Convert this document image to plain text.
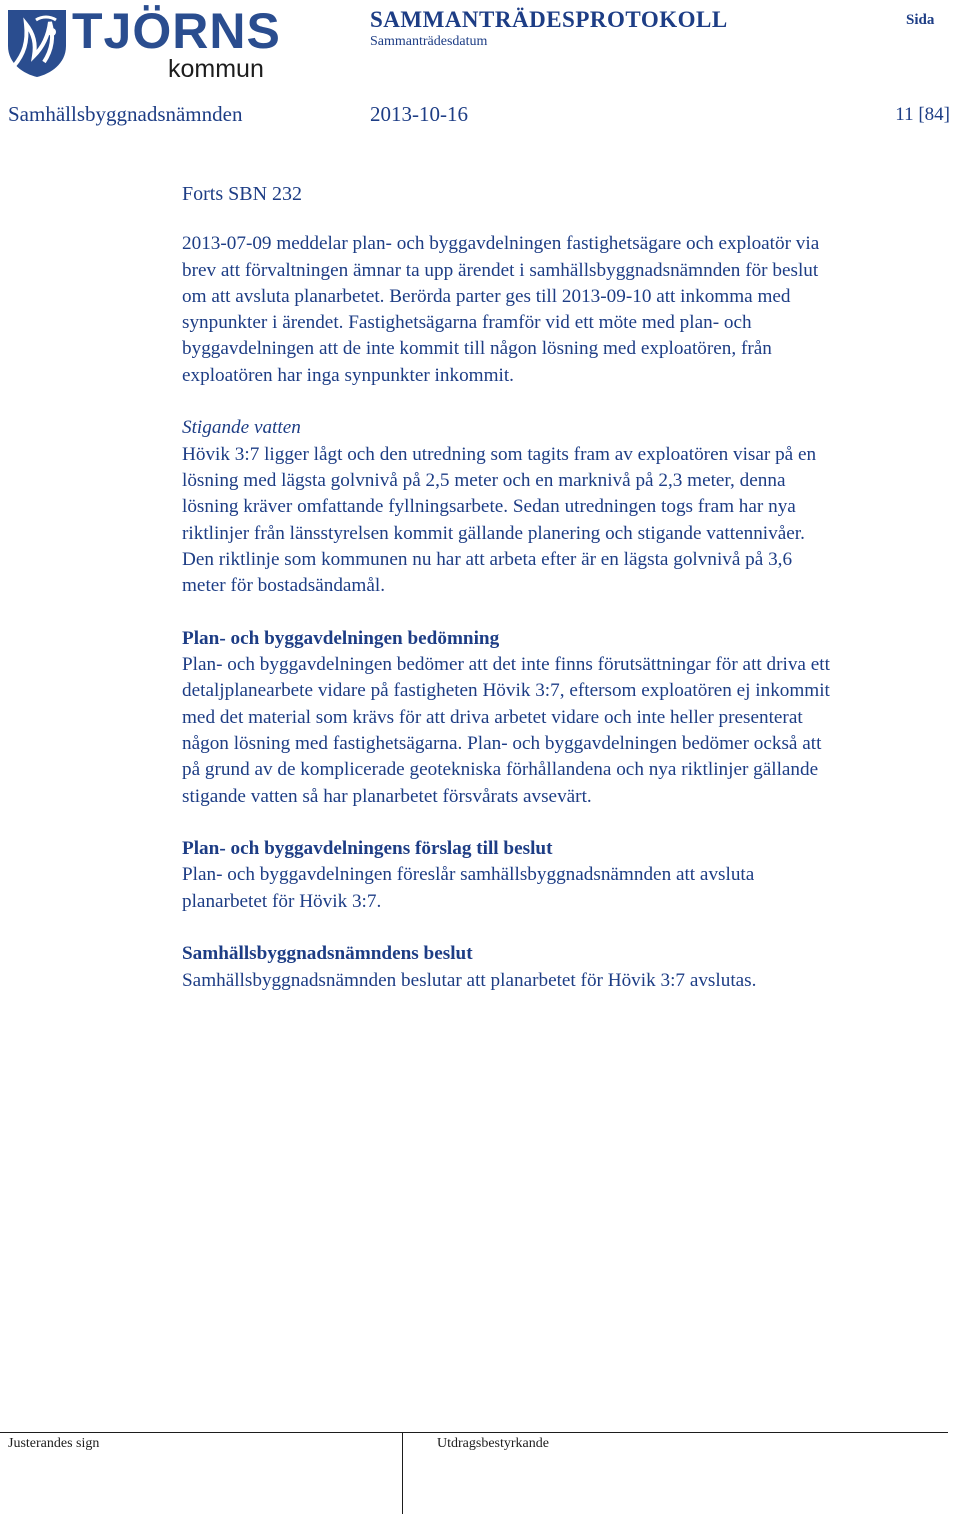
TJÖRNS
kommun
SAMMANTRÄDESPROTOKOLL
Sammanträdesdatum
Sida
Samhällsbyggnadsnämnden	2013-10-16	11 [84]

Forts SBN 232

2013-07-09 meddelar plan- och byggavdelningen fastighetsägare och exploatör via

brev att förvaltningen ämnar ta upp ärendet i samhällsbyggnadsnämnden för beslut

om att avsluta planarbetet. Berörda parter ges till 2013-09-10 att inkomma med

synpunkter i ärendet. Fastighetsägarna framför vid ett möte med plan- och

byggavdelningen att de inte kommit till någon lösning med exploatören, från

exploatören har inga synpunkter inkommit.

Stigande vatten

Hövik 3:7 ligger lågt och den utredning som tagits fram av exploatören visar på en

lösning med lägsta golvnivå på 2,5 meter och en marknivå på 2,3 meter, denna

lösning kräver omfattande fyllningsarbete. Sedan utredningen togs fram har nya

riktlinjer från länsstyrelsen kommit gällande planering och stigande vattennivåer.

Den riktlinje som kommunen nu har att arbeta efter är en lägsta golvnivå på 3,6

meter för bostadsändamål.

Plan- och byggavdelningen bedömning

Plan- och byggavdelningen bedömer att det inte finns förutsättningar för att driva ett

detaljplanearbete vidare på fastigheten Hövik 3:7, eftersom exploatören ej inkommit

med det material som krävs för att driva arbetet vidare och inte heller presenterat

någon lösning med fastighetsägarna. Plan- och byggavdelningen bedömer också att

på grund av de komplicerade geotekniska förhållandena och nya riktlinjer gällande

stigande vatten så har planarbetet försvårats avsevärt.

Plan- och byggavdelningens förslag till beslut

Plan- och byggavdelningen föreslår samhällsbyggnadsnämnden att avsluta

planarbetet för Hövik 3:7.

Samhällsbyggnadsnämndens beslut

Samhällsbyggnadsnämnden beslutar att planarbetet för Hövik 3:7 avslutas.

Justerandes sign	Utdragsbestyrkande
